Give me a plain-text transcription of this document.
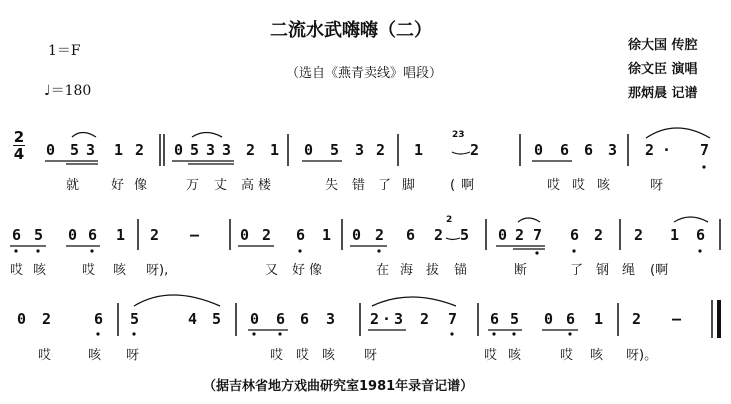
二流水武嗨嗨（二）
（选自《燕青卖线》唱段）
1＝F
♩＝180
徐大国 传腔
徐文臣 演唱
那炳晨 记谱
2
4 0 5 3 1 2 0 5 3 3 2 1 0 5 3 2 1	2	0 6 6 3 2 · 7
23
就 好像 万 丈 高楼	失 错 了 脚	(啊	哎 哎 咳	呀
6 5 0 6 1 2 –	0 2 6 1 0 2 6 2 5 0 2 7 6 2 2 1 6
2
哎 咳	哎 咳 呀),	又 好像	在 海 拔 锚	断	了 钢 绳 (啊
0 2	6 5	4 5 0 6 6 3 2 · 3 2 7 6 5 0 6 1 2 –
哎	咳 呀	哎 哎 咳 呀	哎 咳	哎 咳 呀)。
（据吉林省地方戏曲研究室1981年录音记谱）
